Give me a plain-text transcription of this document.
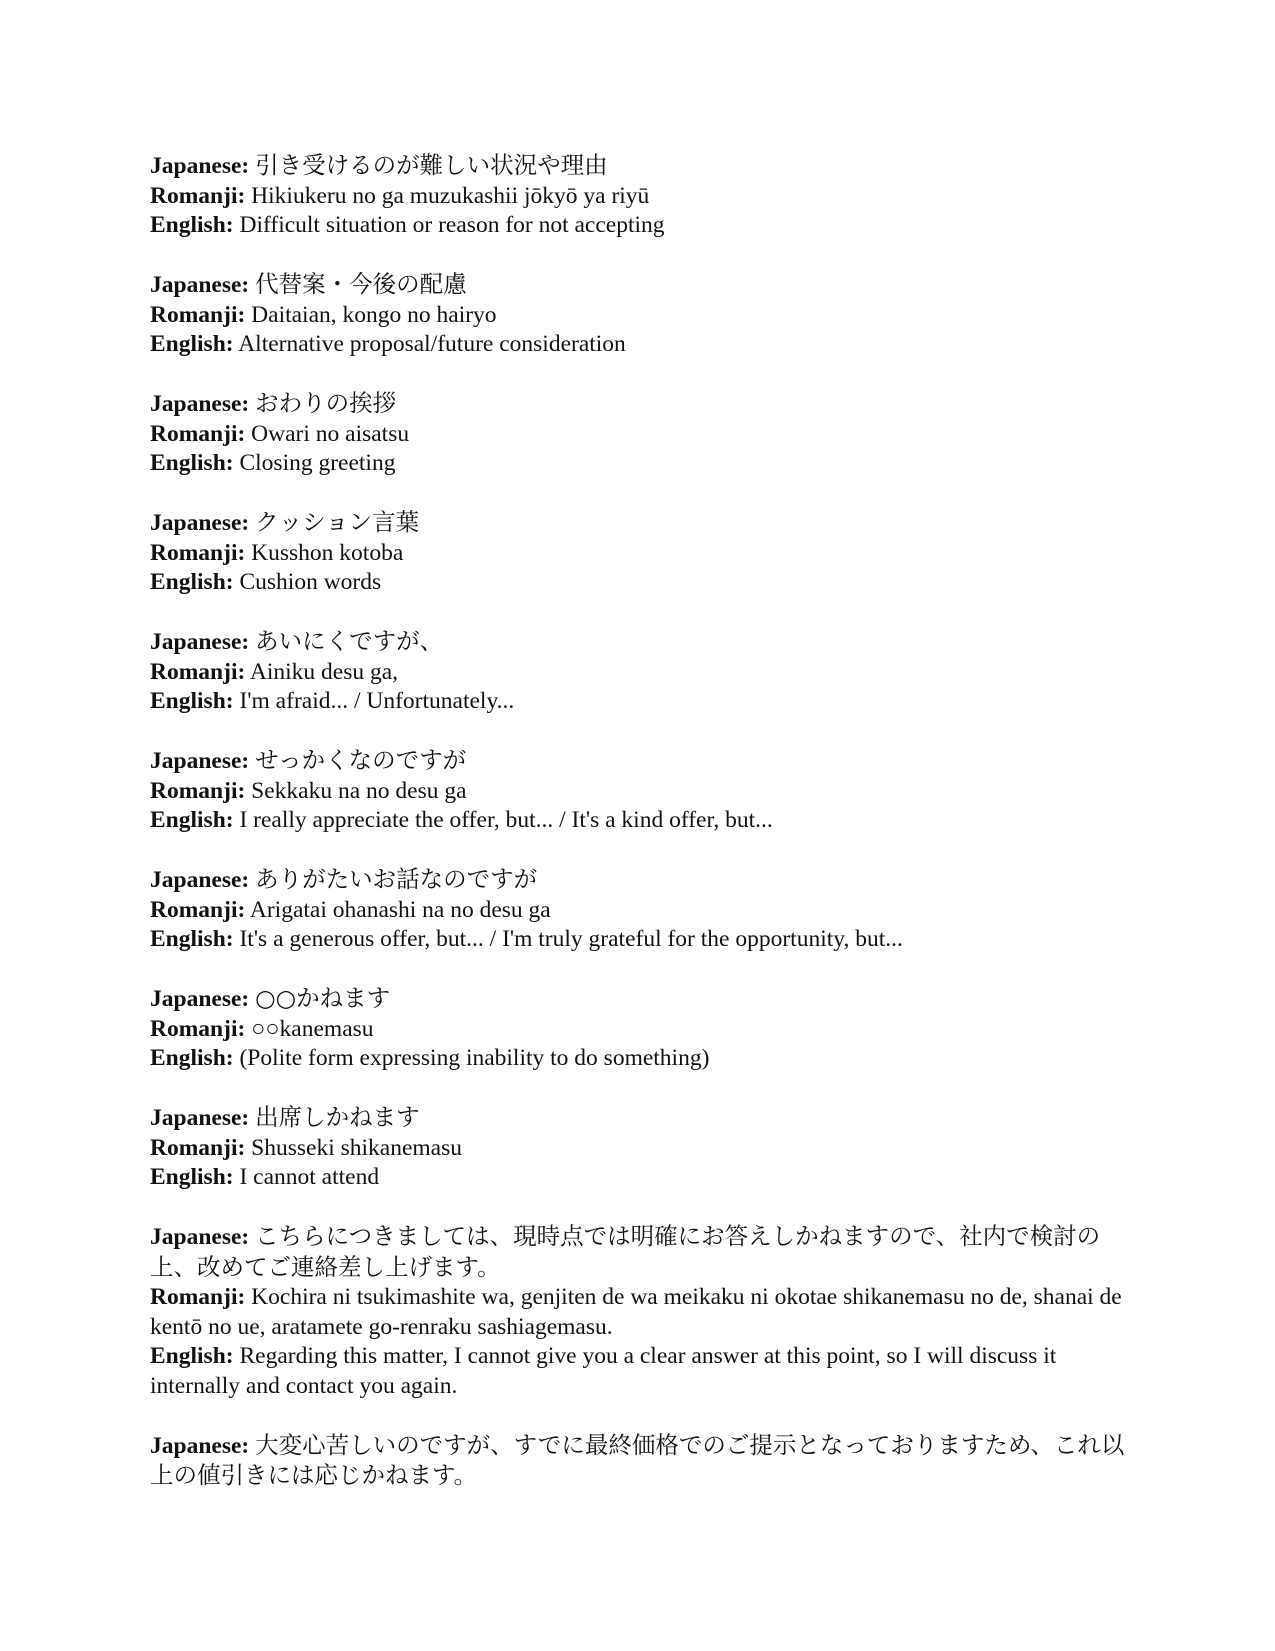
Japanese: 引き受けるのが難しい状況や理由
Romanji: Hikiukeru no ga muzukashii jōkyō ya riyū
English: Difficult situation or reason for not accepting
Japanese: 代替案・今後の配慮
Romanji: Daitaian, kongo no hairyo
English: Alternative proposal/future consideration
Japanese: おわりの挨拶
Romanji: Owari no aisatsu
English: Closing greeting
Japanese: クッション言葉
Romanji: Kusshon kotoba
English: Cushion words
Japanese: あいにくですが、
Romanji: Ainiku desu ga,
English: I'm afraid... / Unfortunately...
Japanese: せっかくなのですが
Romanji: Sekkaku na no desu ga
English: I really appreciate the offer, but... / It's a kind offer, but...
Japanese: ありがたいお話なのですが
Romanji: Arigatai ohanashi na no desu ga
English: It's a generous offer, but... / I'm truly grateful for the opportunity, but...
Japanese: ○○かねます
Romanji: ○○kanemasu
English: (Polite form expressing inability to do something)
Japanese: 出席しかねます
Romanji: Shusseki shikanemasu
English: I cannot attend
Japanese: こちらにつきましては、現時点では明確にお答えしかねますので、社内で検討の上、改めてご連絡差し上げます。
Romanji: Kochira ni tsukimashite wa, genjiten de wa meikaku ni okotae shikanemasu no de, shanai de kentō no ue, aratamete go-renraku sashiagemasu.
English: Regarding this matter, I cannot give you a clear answer at this point, so I will discuss it internally and contact you again.
Japanese: 大変心苦しいのですが、すでに最終価格でのご提示となっておりますため、これ以上の値引きには応じかねます。
